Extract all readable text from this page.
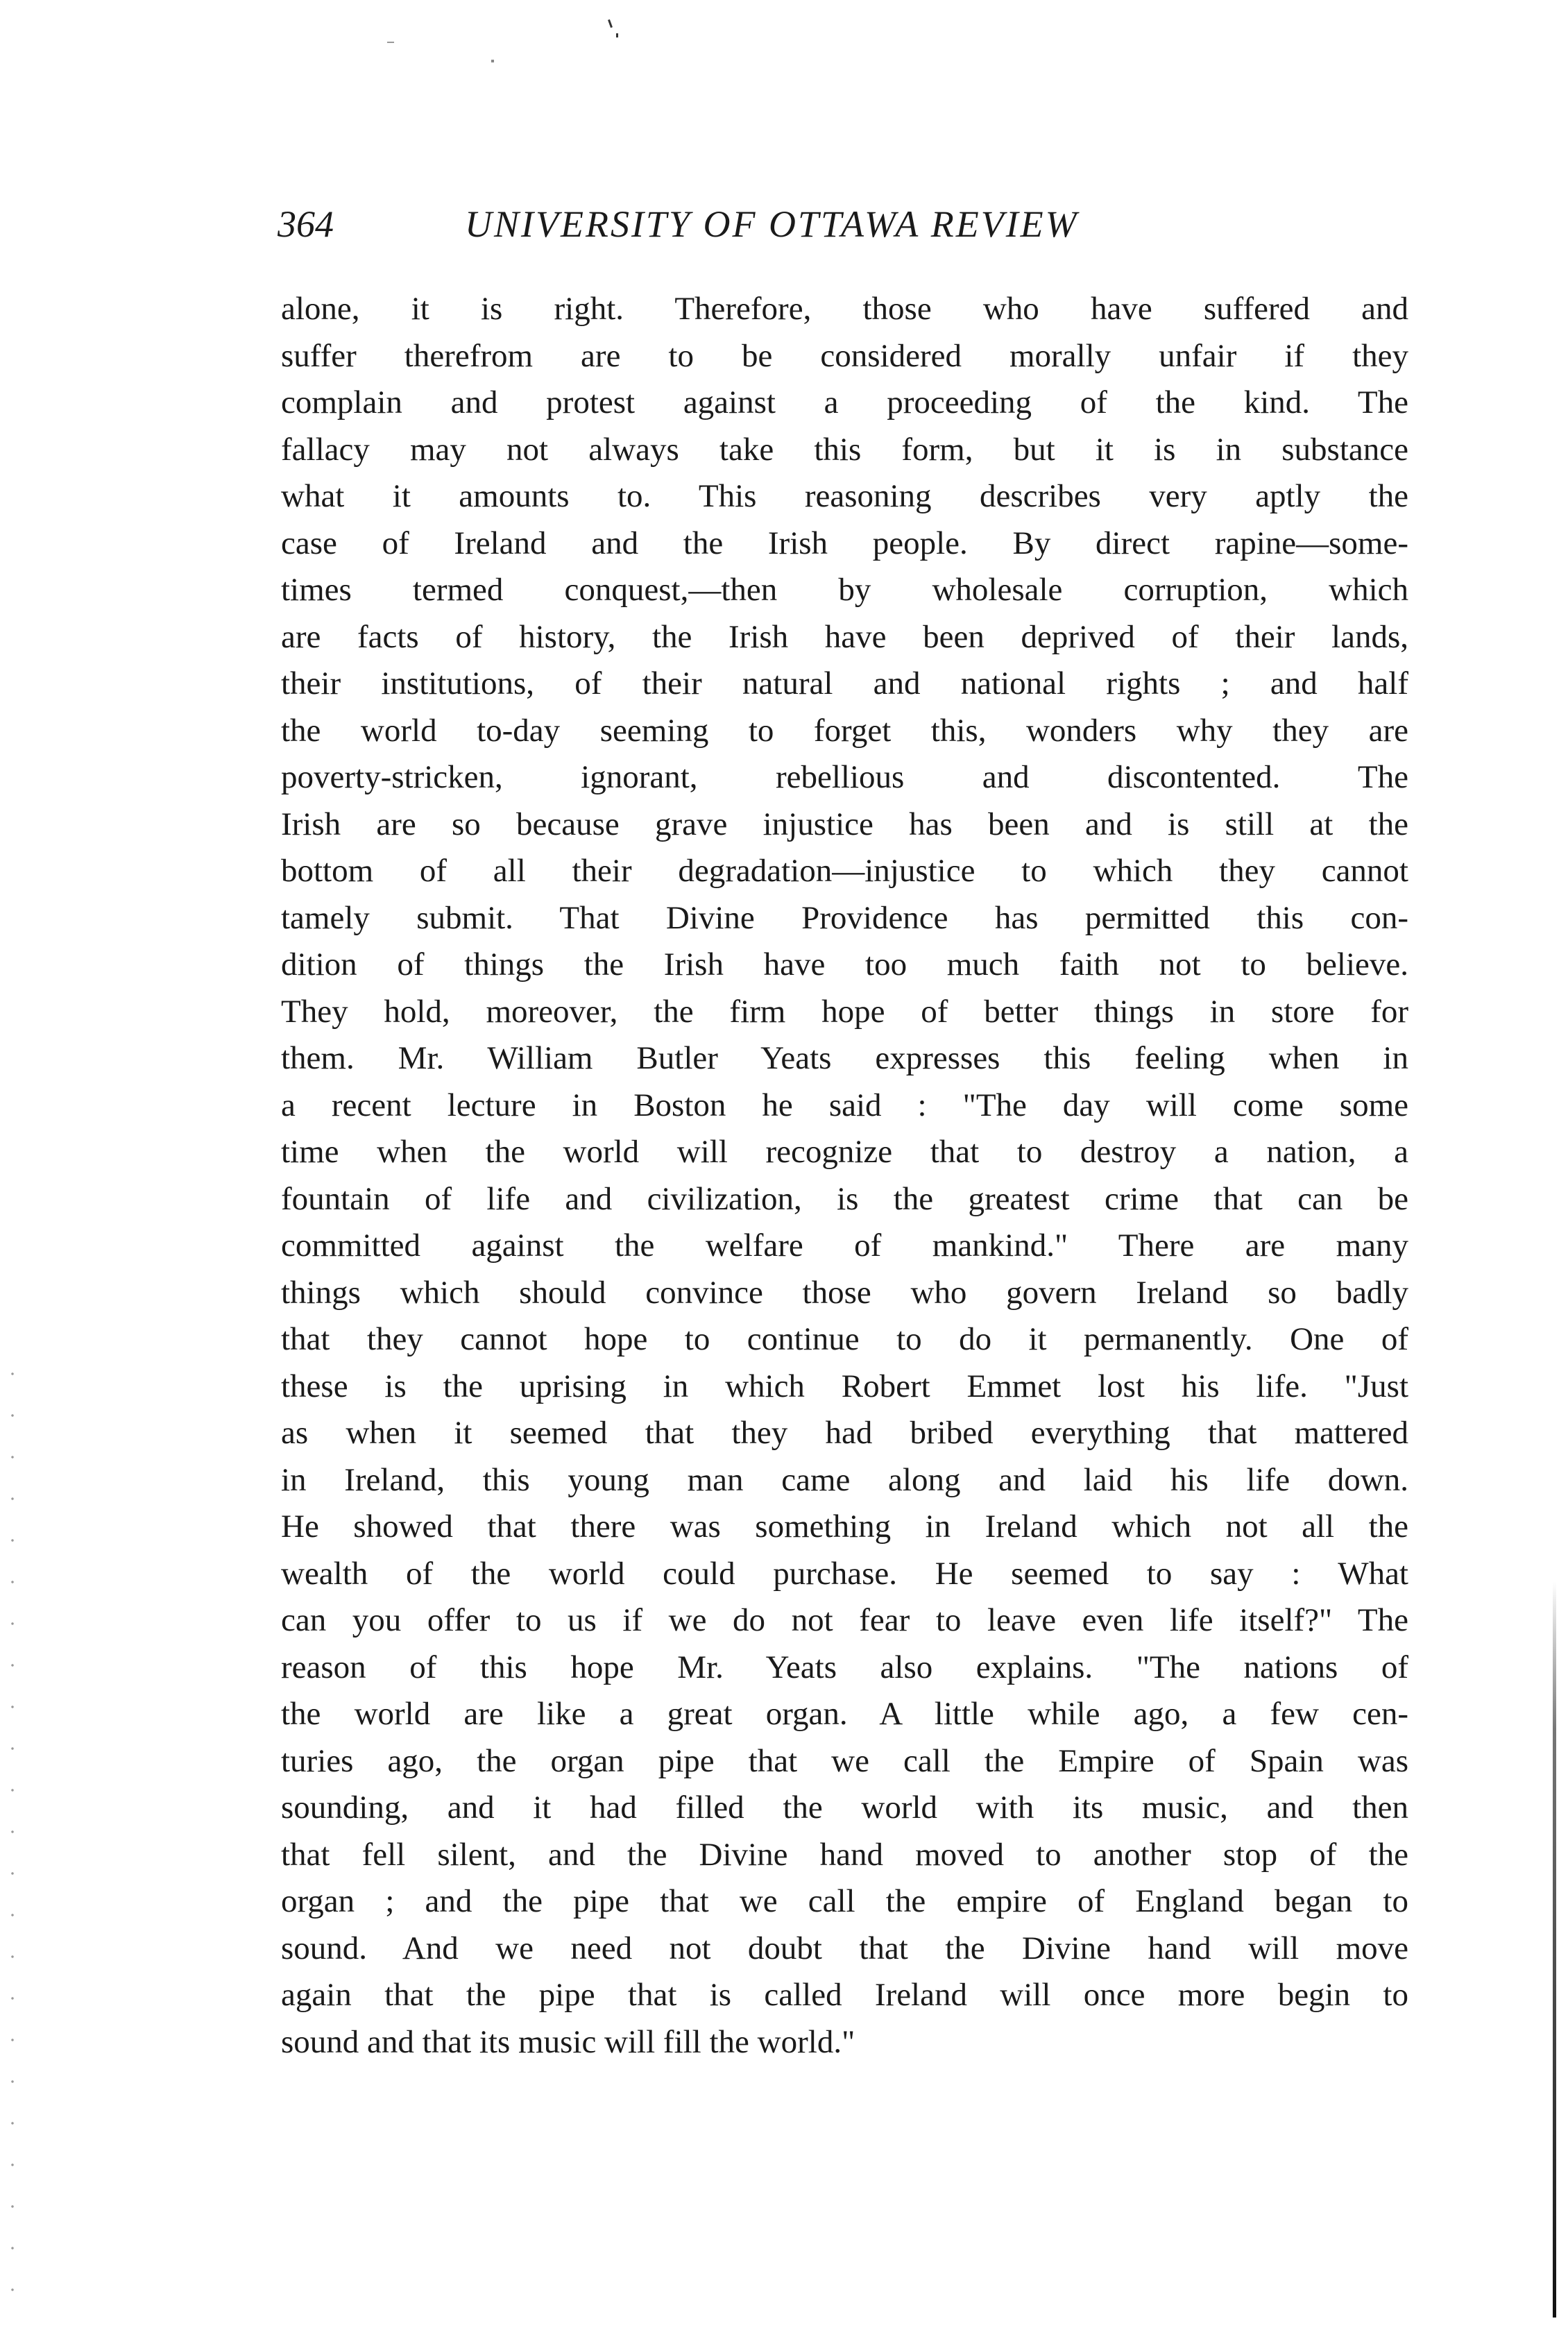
364	UNIVERSITY OF OTTAWA REVIEW
alone, it is right. Therefore, those who have suffered and
suffer therefrom are to be considered morally unfair if they
complain and protest against a proceeding of the kind. The
fallacy may not always take this form, but it is in substance
what it amounts to. This reasoning describes very aptly the
case of Ireland and the Irish people. By direct rapine—some-
times termed conquest,—then by wholesale corruption, which
are facts of history, the Irish have been deprived of their lands,
their institutions, of their natural and national rights ; and half
the world to-day seeming to forget this, wonders why they are
poverty-stricken, ignorant, rebellious and discontented. The
Irish are so because grave injustice has been and is still at the
bottom of all their degradation—injustice to which they cannot
tamely submit. That Divine Providence has permitted this con-
dition of things the Irish have too much faith not to believe.
They hold, moreover, the firm hope of better things in store for
them. Mr. William Butler Yeats expresses this feeling when in
a recent lecture in Boston he said : "The day will come some
time when the world will recognize that to destroy a nation, a
fountain of life and civilization, is the greatest crime that can be
committed against the welfare of mankind." There are many
things which should convince those who govern Ireland so badly
that they cannot hope to continue to do it permanently. One of
these is the uprising in which Robert Emmet lost his life. "Just
as when it seemed that they had bribed everything that mattered
in Ireland, this young man came along and laid his life down.
He showed that there was something in Ireland which not all the
wealth of the world could purchase. He seemed to say : What
can you offer to us if we do not fear to leave even life itself?" The
reason of this hope Mr. Yeats also explains. "The nations of
the world are like a great organ. A little while ago, a few cen-
turies ago, the organ pipe that we call the Empire of Spain was
sounding, and it had filled the world with its music, and then
that fell silent, and the Divine hand moved to another stop of the
organ ; and the pipe that we call the empire of England began to
sound. And we need not doubt that the Divine hand will move
again that the pipe that is called Ireland will once more begin to
sound and that its music will fill the world."
